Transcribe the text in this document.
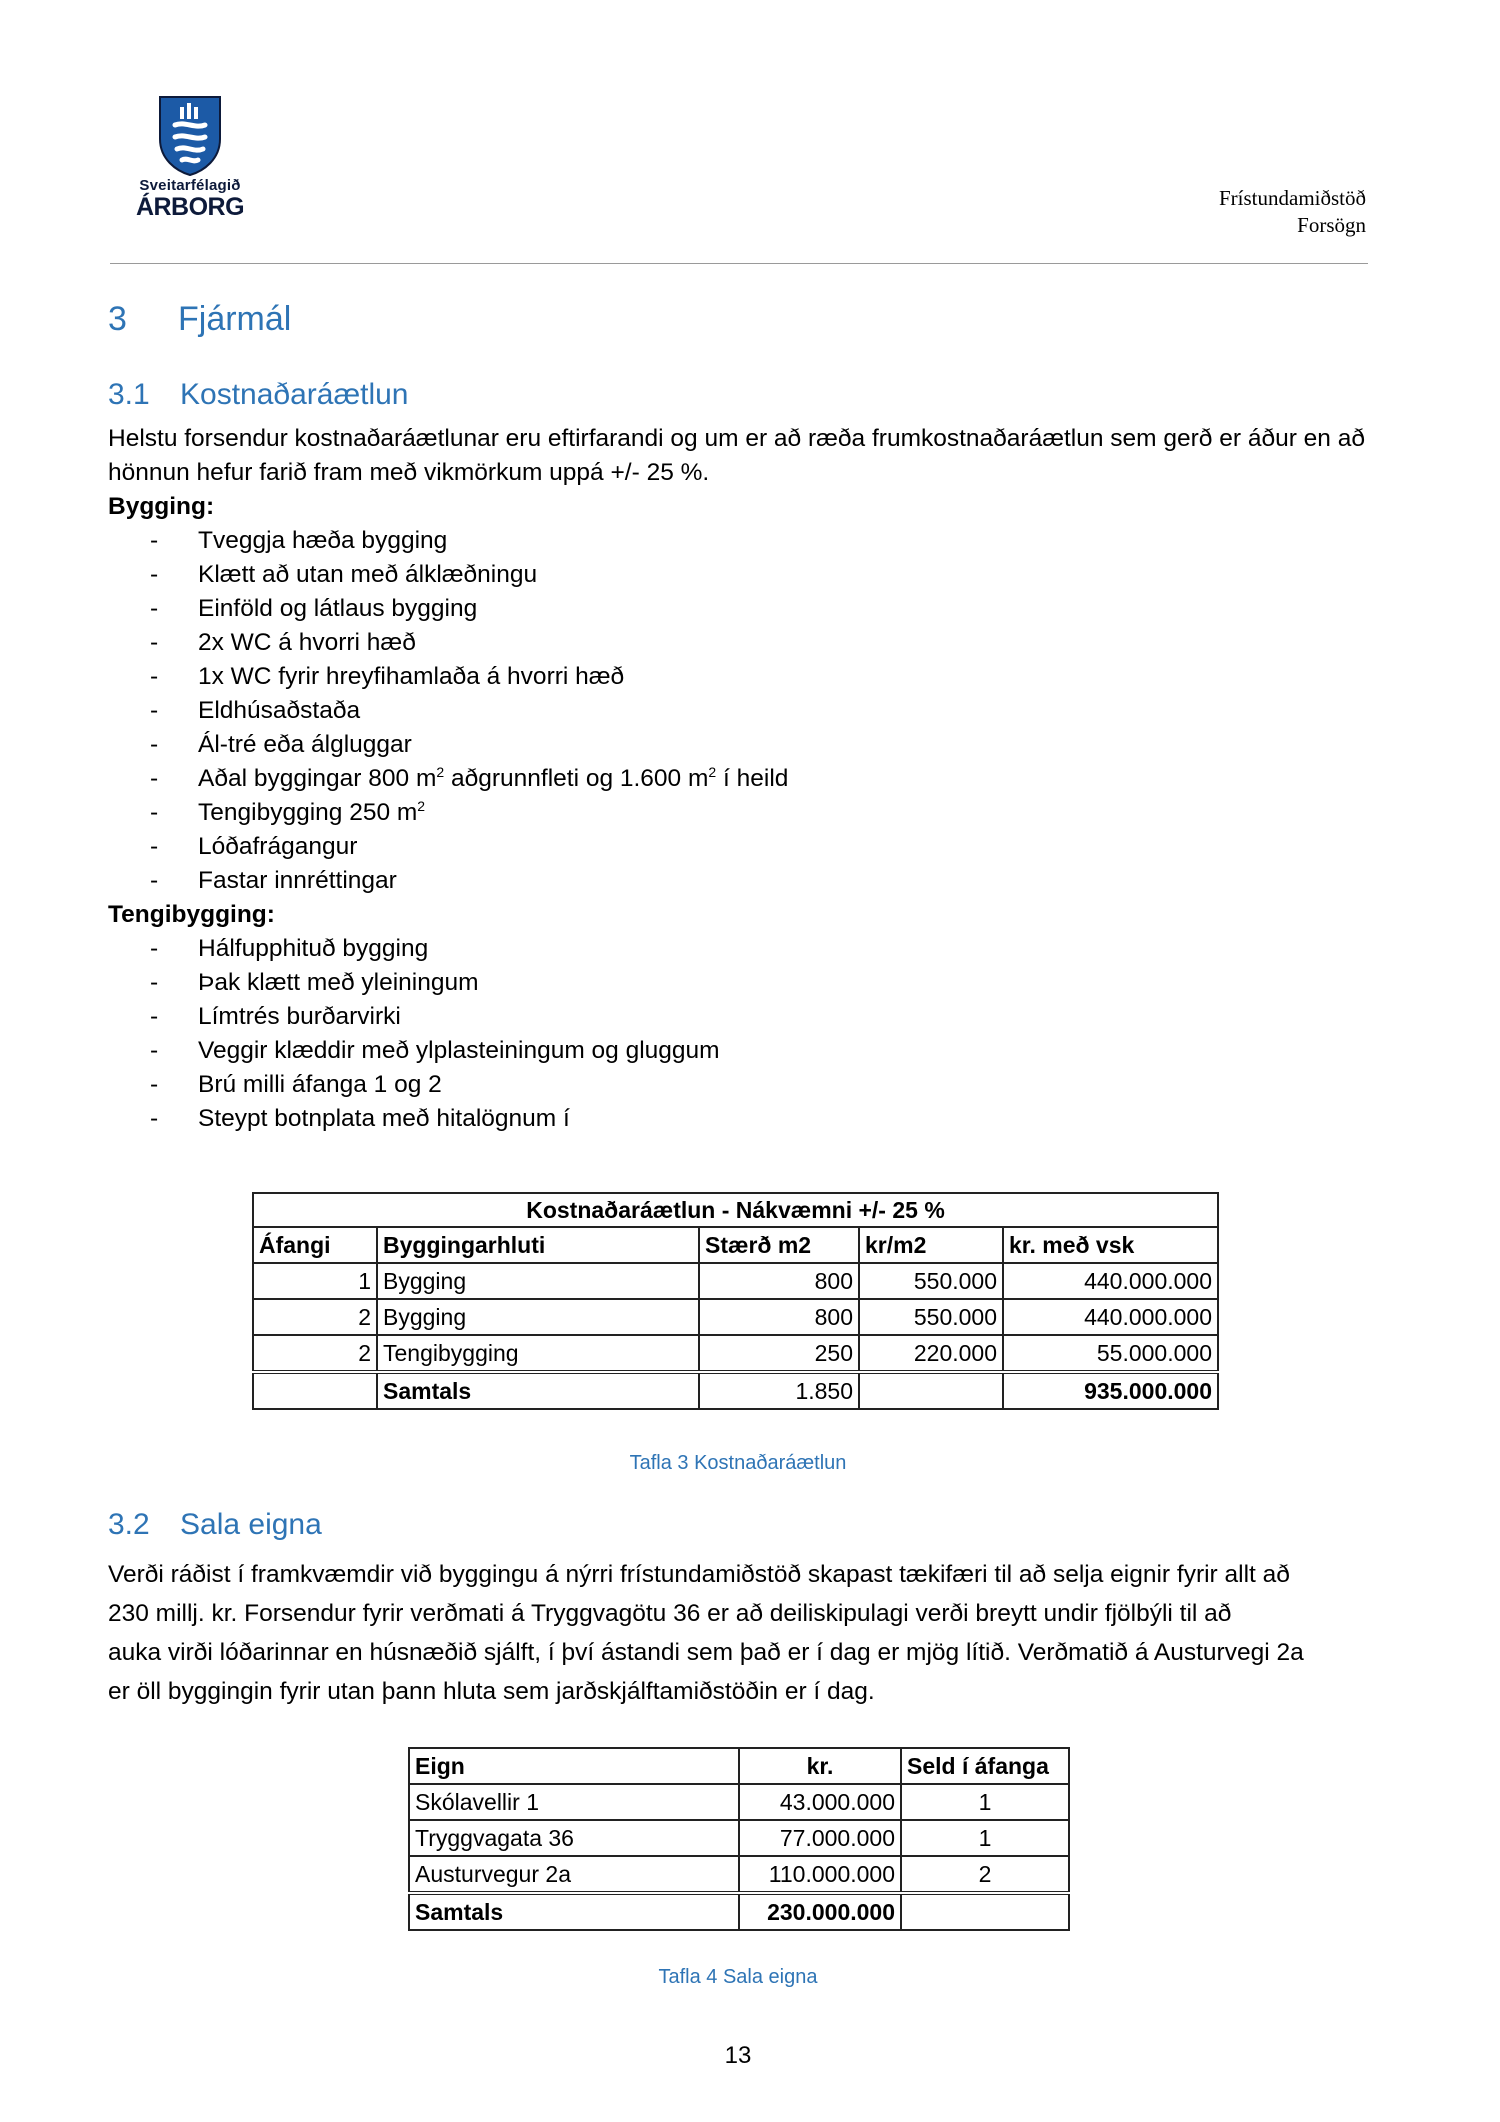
Sveitarfélagið
ÁRBORG	Frístundamiðstöð
Forsögn
3 Fjármál
3.1 Kostnaðaráætlun
Helstu forsendur kostnaðaráætlunar eru eftirfarandi og um er að ræða frumkostnaðaráætlun sem gerð er áður en að hönnun hefur farið fram með vikmörkum uppá +/- 25 %.
Bygging:
- Tveggja hæða bygging
- Klætt að utan með álklæðningu
- Einföld og látlaus bygging
- 2x WC á hvorri hæð
- 1x WC fyrir hreyfihamlaða á hvorri hæð
- Eldhúsaðstaða
- Ál-tré eða álgluggar
- Aðal byggingar 800 $m^2$ aðgrunnfleti og 1.600 $m^2$ í heild
- Tengibygging 250 $m^2$
- Lóðafrágangur
- Fastar innréttingar
Tengibygging:
- Hálfupphituð bygging
- Þak klætt með yleiningum
- Límtrés burðarvirki
- Veggir klæddir með ylplasteiningum og gluggum
- Brú milli áfanga 1 og 2
- Steypt botnplata með hitalögnum í
Kostnaðaráætlun - Nákvæmni +/- 25 %				
Áfangi	Byggingarhluti	Stærð m2	kr/m2	kr. með vsk
1	Bygging	800	550.000	440.000.000
2	Bygging	800	550.000	440.000.000
2	Tengibygging	250	220.000	55.000.000
	Samtals	1.850		935.000.000
Tafla 3 Kostnaðaráætlun
3.2 Sala eigna
Verði ráðist í framkvæmdir við byggingu á nýrri frístundamiðstöð skapast tækifæri til að selja eignir fyrir allt að
230 millj. kr. Forsendur fyrir verðmati á Tryggvagötu 36 er að deiliskipulagi verði breytt undir fjölbýli til að
auka virði lóðarinnar en húsnæðið sjálft, í því ástandi sem það er í dag er mjög lítið. Verðmatið á Austurvegi 2a
er öll byggingin fyrir utan þann hluta sem jarðskjálftamiðstöðin er í dag.
Eign	kr.	Seld í áfanga
Skólavellir 1	43.000.000	1
Tryggvagata 36	77.000.000	1
Austurvegur 2a	110.000.000	2
Samtals	230.000.000	
Tafla 4 Sala eigna
13
